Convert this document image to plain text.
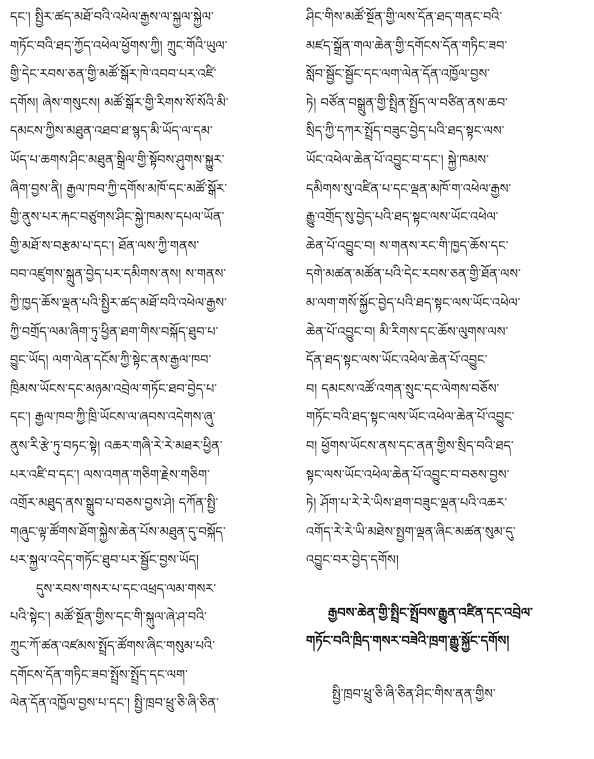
དང་། སྤྱིར་ཚད་མཐོ་བའི་འཕེལ་རྒྱས་ལ་སྐྱལ་སྐྱེལ་
གཏོང་བའི་ཐད་ཀྱོད་འཕེལ་ཕྱོགས་ཀྱི། ཀྲུང་གོའི་ཡུལ་
གྱི་དེང་རབས་ཅན་གྱི་མཚོ་སྒོར་ཁེ་འབབ་པར་འཛི་
དགོས། ཞེས་གསུངས། མཚོ་སྒོར་གྱི་རིགས་སོ་སོའི་མི་
དམངས་ཀྱིས་མཐུན་འཐབ་ཐ་སྙད་མི་ཡོད་ལ་དམ་
ཡོད་པ་ཆགས་ཤིང་མཐུན་སྒྲིལ་གྱི་སྟོབས་ཤུགས་སྐྱུར་
ཞིག་བྱས་ནི། རྒྱལ་ཁབ་ཀྱི་དགོས་མཁོ་དང་མཚོ་སྒོར་
གྱི་ནུས་པར་རྐང་བཙུགས་ཤིང་སྐྱེ་ཁམས་དཔལ་ཡོན་
གྱི་མཐོ་ས་བརྩམ་པ་དང་། ཐོན་ལས་ཀྱི་གནས་
བབ་འཛུགས་སྐྲུན་བྱེད་པར་དམིགས་ནས། ས་གནས་
ཀྱི་ཁྱད་ཆོས་ལྡན་པའི་སྤྱིར་ཚད་མཐོ་བའི་འཕེལ་རྒྱས་
ཀྱི་བགྲོད་ལམ་ཞིག་ཏུ་ཕྱིན་ཐག་གིས་བསྐོད་ཐུབ་པ་
བྱུང་ཡོད། ལག་ལེན་དངོས་ཀྱི་སྟེང་ནས་རྒྱལ་ཁབ་
ཁྲིམས་ཡོངས་དང་མཉམ་འབྲེལ་གཏོང་ཐབ་བྱེད་པ་
དང་། རྒྱལ་ཁབ་ཀྱི་ཁྲི་ཡོངས་ལ་ཞབས་འདེགས་ཞུ་
ནུས་རི་རྩེ་ཏུ་བཏང་སྟེ། འཆར་གཞི་རེ་རེ་མཐར་ཕྱིན་
པར་འཛི་བ་དང་། ལས་འགན་གཅིག་རྗེས་གཅིག་
འགྲོར་མཐུད་ནས་སྒྲུབ་པ་བཅས་བྱས་ཤེ། དཀོན་སྤྱི་
གཞུང་ལྟ་ཚོགས་ཐོག་སྐྱེས་ཆེན་པོས་མཐུན་དུ་བསྐོད་
པར་སྐྱལ་འདེད་གཏོང་ཐུབ་པར་སྦྱོང་བྱས་ཡོད།
དུས་རབས་གསར་པ་དང་འཕྲད་ལམ་གསར་
པའི་སྟེང་། མཚོ་སྔོན་གྱིས་དང་གི་སྐུལ་ཞེ་ཤ་བའི་
ཀྲུང་ཀོ་ཚན་འཛམས་སྤྲོད་ཚོགས་ཞིང་གསུམ་པའི་
དགོངས་དོན་གཏིང་ཟབ་སྤྲོས་སྤྲོད་དང་ལག་
ལེན་དོན་འཁྱོལ་བྱས་པ་དང་། སྤྱི་ཁྲབ་ཕྲུ་ཅི་ཞི་ཅིན་
ཤིང་གིས་མཚོ་སྔོན་གྱི་ལས་དོན་ཐད་གནང་བའི་
མཛད་སྒྲོན་གལ་ཆེན་གྱི་དགོངས་དོན་གཏིང་ཟབ་
སློབ་སྦྱོང་སྦྱོང་དང་ལག་ལེན་དོན་འཁྱོལ་བྱས་
ཏེ། བཙོན་བསྒྲུན་གྱི་སྤྲིན་སྤྱོད་ལ་བཙིན་ནས་ཆབ་
སྲིད་ཀྱི་དཀར་སྤྲོད་བཟུང་བྱེད་པའི་ཐད་སྟང་ལས་
ཡོང་འཕེལ་ཆེན་པོ་འབྱུང་བ་དང་། སྐྱེ་ཁམས་
དམིགས་སུ་འཛིན་པ་དང་ལྡན་མཁོ་ག་འཕེལ་རྒྱས་
རྒྱུ་འགྲོད་སུ་བྱེད་པའི་ཐད་སྟང་ལས་ཡོང་འཕེལ་
ཆེན་པོ་འབྱུང་བ། ས་གནས་རང་གི་ཁྱད་ཆོས་དང་
དགེ་མཚན་མཚོན་པའི་དེང་རབས་ཅན་གྱི་ཐོན་ལས་
མ་ལག་གསོ་སྐྱོང་བྱེད་པའི་ཐད་སྟང་ལས་ཡོང་འཕེལ་
ཆེན་པོ་འབྱུང་བ། མི་རིགས་དང་ཆོས་ལུགས་ལས་
དོན་ཐད་སྟང་ལས་ཡོང་འཕེལ་ཆེན་པོ་འབྱུང་
བ། དམངས་འཚོ་འགན་སྲུང་དང་ལེགས་བཅོས་
གཏོང་བའི་ཐད་སྟང་ལས་ཡོང་འཕེལ་ཆེན་པོ་འབྱུང་
བ། ཕྱོགས་ཡོངས་ནས་དང་ནན་གྱིས་སྲིད་བའི་ཐད་
སྟང་ལས་ཡོང་འཕེལ་ཆེན་པོ་འབྱུང་བ་བཅས་བྱས་
ཏེ། ཤོག་པ་རེ་རེ་ཡིས་ཐག་བཟུང་ལྡན་པའི་འཆར་
འགོད་རེ་རེ་ཡི་མཐེས་སྤྱག་ལྡན་ཞིང་མཚན་སུམ་དུ་
འབྱུང་བར་བྱེད་དགོས།
རྒྱབས་ཆེན་གྱི་སྤྲིང་སྤྲོབས་རྒྱུན་འཛིན་དང་འབྲེལ་
གཏོང་བའི་ཁྲིད་གསར་བཟེའི་ཁྲག་རྒྱུ་སྐྱོང་དགོས།
སྤྱི་ཁྲབ་ཕྲུ་ཅི་ཞི་ཅིན་ཤིང་གིས་ནན་གྱིས་
